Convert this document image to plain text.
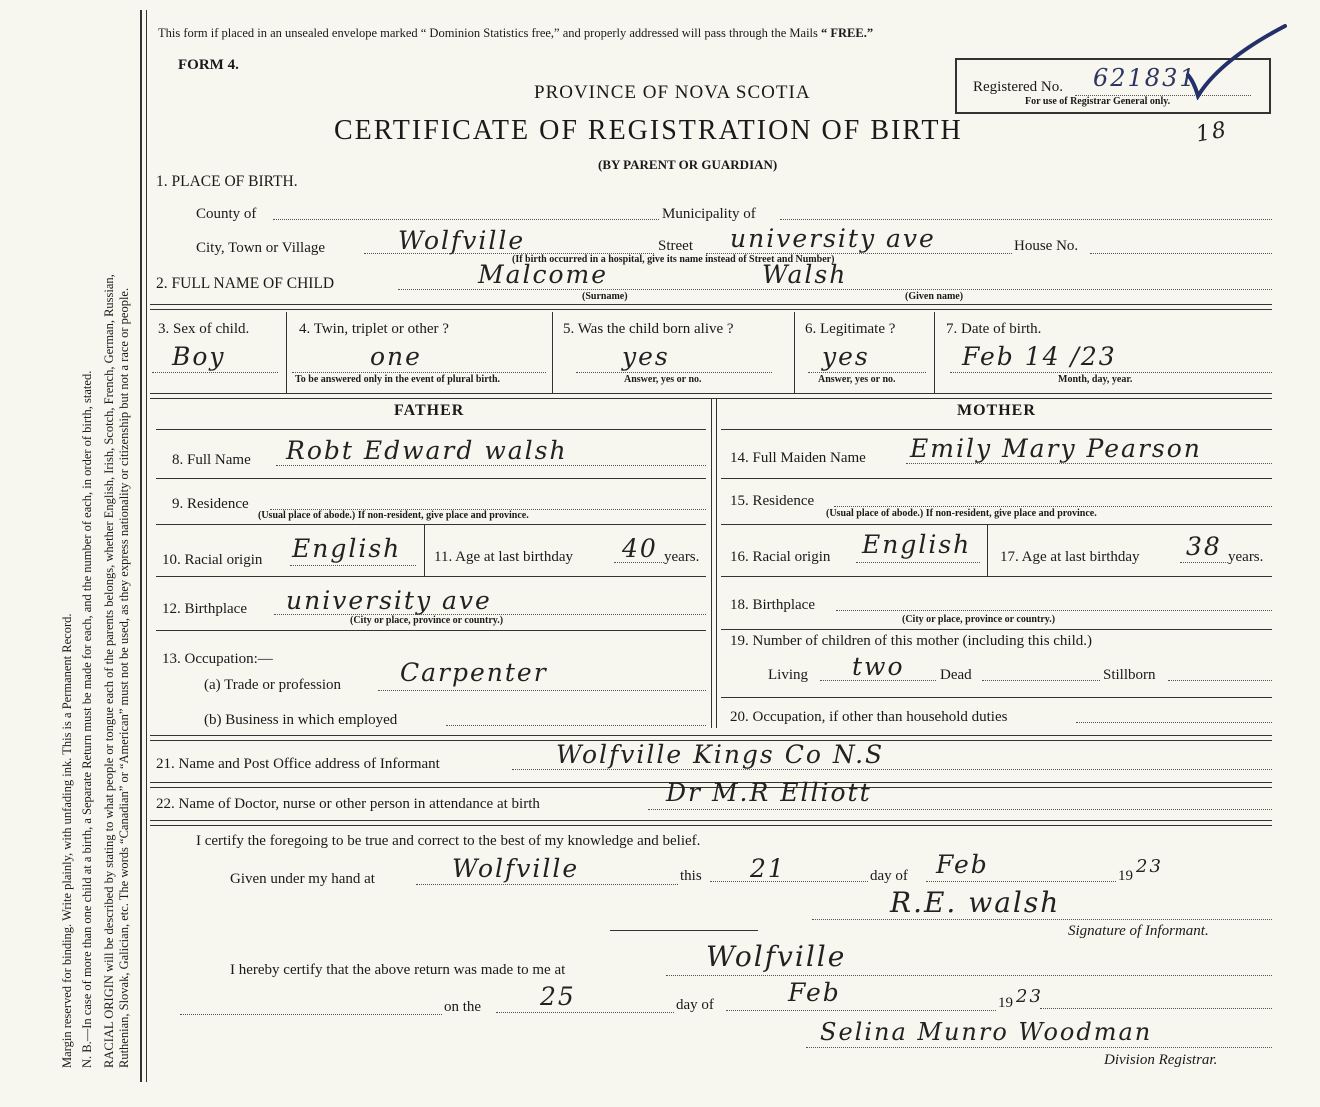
Margin reserved for binding. Write plainly, with unfading ink. This is a Permanent Record. N. B.—In case of more than one child at a birth, a Separate Return must be made for each, and the number of each, in order of birth, stated. RACIAL ORIGIN will be described by stating to what people or tongue each of the parents belongs, whether English, Irish, Scotch, French, German, Russian, Ruthenian, Slovak, Galician, etc. The words “Canadian” or “American” must not be used, as they express nationality or citizenship but not a race or people.
This form if placed in an unsealed envelope marked “ Dominion Statistics free,” and properly addressed will pass through the Mails “ FREE.”
FORM 4.
PROVINCE OF NOVA SCOTIA
CERTIFICATE OF REGISTRATION OF BIRTH
(BY PARENT OR GUARDIAN)
Registered No. 621831
For use of Registrar General only.
18
1. PLACE OF BIRTH.
County of	Municipality of
City, Town or Village	Wolfville	Street university ave	House No.
(If birth occurred in a hospital, give its name instead of Street and Number)
2. FULL NAME OF CHILD	Malcome	Walsh
(Surname)	(Given name)
3. Sex of child.
Boy
4. Twin, triplet or other ?
one
To be answered only in the event of plural birth.
5. Was the child born alive ?
yes
Answer, yes or no.
6. Legitimate ?
yes
Answer, yes or no.
7. Date of birth.
Feb 14 /23
Month, day, year.
FATHER	MOTHER
8. Full Name Robt Edward walsh	14. Full Maiden Name Emily Mary Pearson
9. Residence
(Usual place of abode.) If non-resident, give place and province.
15. Residence
(Usual place of abode.) If non-resident, give place and province.
10. Racial origin English 11. Age at last birthday 40 years. 16. Racial origin English 17. Age at last birthday 38 years.
12. Birthplace university ave
(City or place, province or country.)
18. Birthplace
(City or place, province or country.)
13. Occupation:—
(a) Trade or profession Carpenter
(b) Business in which employed
19. Number of children of this mother (including this child.)
Living two Dead	Stillborn
20. Occupation, if other than household duties
21. Name and Post Office address of Informant	Wolfville Kings Co N.S
22. Name of Doctor, nurse or other person in attendance at birth	Dr M.R Elliott
I certify the foregoing to be true and correct to the best of my knowledge and belief.
Given under my hand at	Wolfville	this 21	day of Feb	19 23
R.E. walsh
Signature of Informant.
I hereby certify that the above return was made to me at	Wolfville
on the 25	day of	Feb	19 23
Selina Munro Woodman
Division Registrar.
